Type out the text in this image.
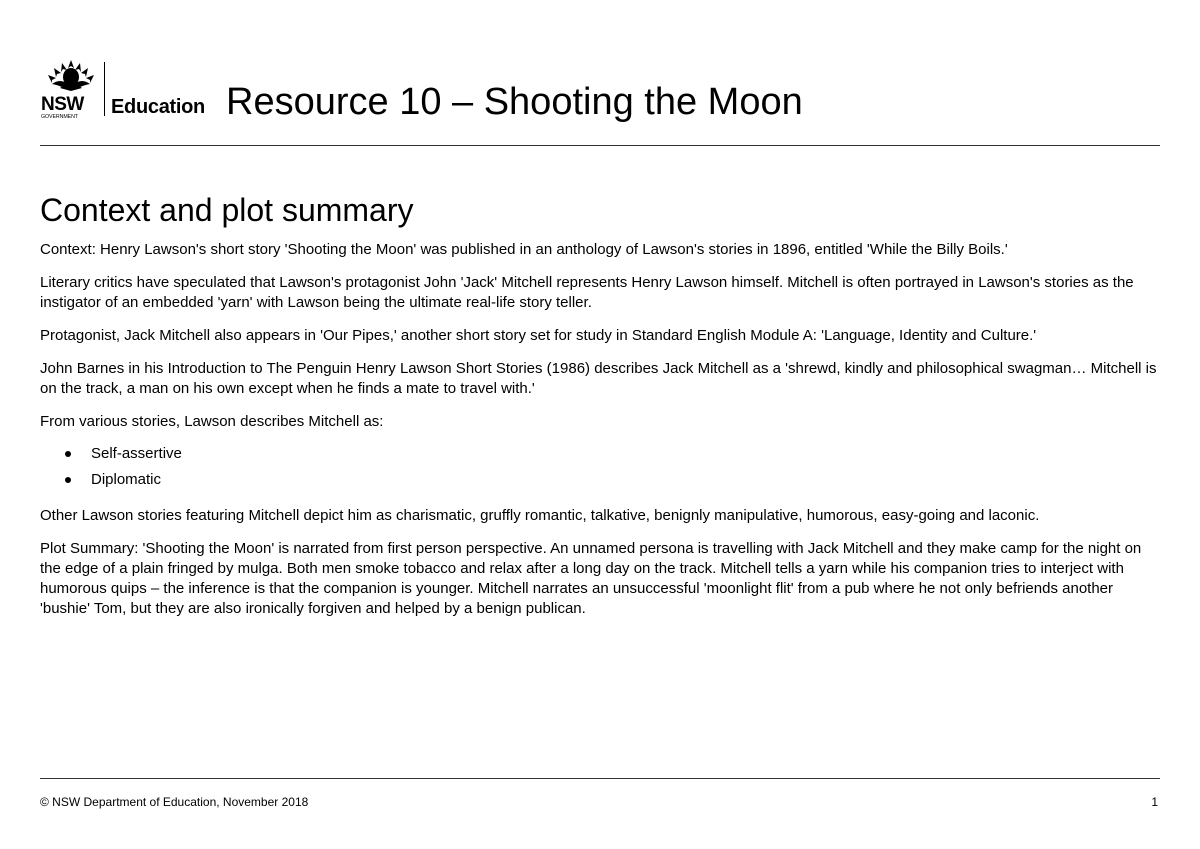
NSW
GOVERNMENT Education Resource 10 – Shooting the Moon
Context and plot summary

Context: Henry Lawson's short story 'Shooting the Moon' was published in an anthology of Lawson's stories in 1896, entitled 'While the Billy Boils.'

Literary critics have speculated that Lawson's protagonist John 'Jack' Mitchell represents Henry Lawson himself. Mitchell is often portrayed in Lawson's stories as the instigator of an embedded 'yarn' with Lawson being the ultimate real-life story teller.

Protagonist, Jack Mitchell also appears in 'Our Pipes,' another short story set for study in Standard English Module A: 'Language, Identity and Culture.'

John Barnes in his Introduction to The Penguin Henry Lawson Short Stories (1986) describes Jack Mitchell as a 'shrewd, kindly and philosophical swagman… Mitchell is on the track, a man on his own except when he finds a mate to travel with.'

From various stories, Lawson describes Mitchell as:

Self-assertive
Diplomatic

Other Lawson stories featuring Mitchell depict him as charismatic, gruffly romantic, talkative, benignly manipulative, humorous, easy-going and laconic.

Plot Summary: 'Shooting the Moon' is narrated from first person perspective. An unnamed persona is travelling with Jack Mitchell and they make camp for the night on the edge of a plain fringed by mulga. Both men smoke tobacco and relax after a long day on the track. Mitchell tells a yarn while his companion tries to interject with humorous quips – the inference is that the companion is younger. Mitchell narrates an unsuccessful 'moonlight flit' from a pub where he not only befriends another 'bushie' Tom, but they are also ironically forgiven and helped by a benign publican.

© NSW Department of Education, November 2018	1
